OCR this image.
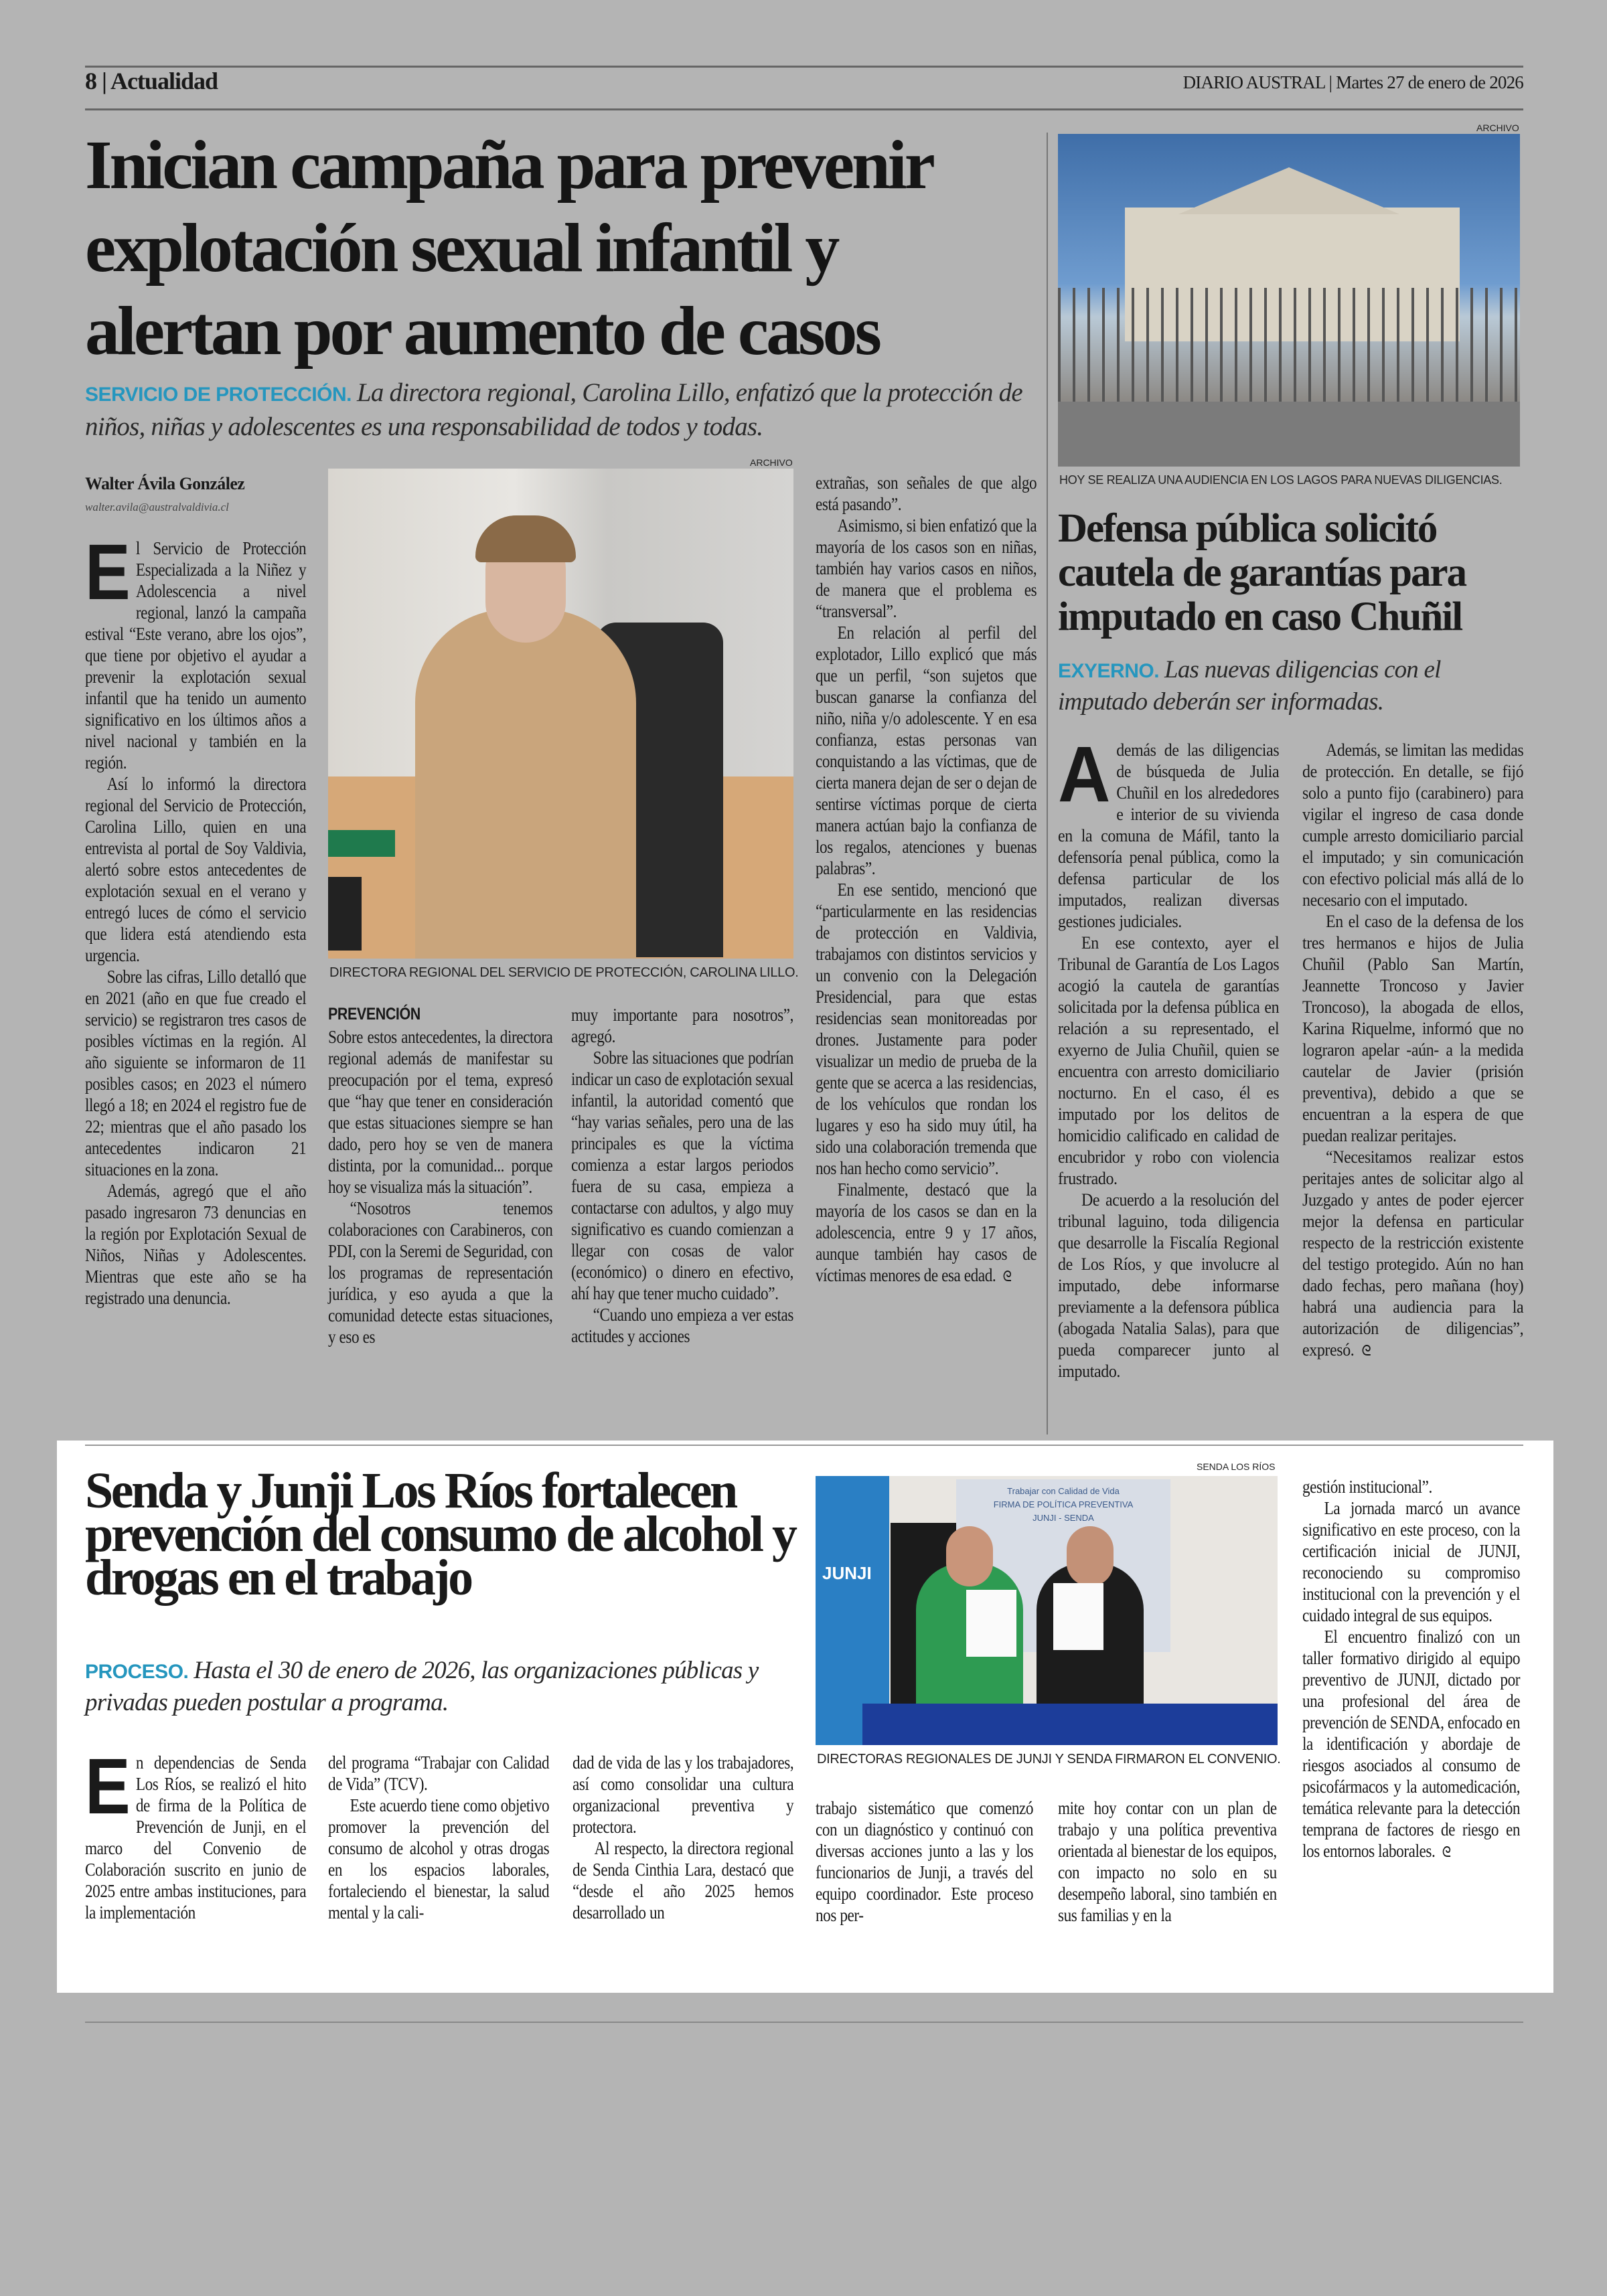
8 | Actualidad	DIARIO AUSTRAL | Martes 27 de enero de 2026
Inician campaña para prevenir explotación sexual infantil y alertan por aumento de casos
SERVICIO DE PROTECCIÓN. La directora regional, Carolina Lillo, enfatizó que la protección de niños, niñas y adolescentes es una responsabilidad de todos y todas.
Walter Ávila González
walter.avila@australvaldivia.cl
ARCHIVO
DIRECTORA REGIONAL DEL SERVICIO DE PROTECCIÓN, CAROLINA LILLO.

El Servicio de Protección Especializada a la Niñez y Adolescencia a nivel regional, lanzó la campaña estival “Este verano, abre los ojos”, que tiene por objetivo el ayudar a prevenir la explotación sexual infantil que ha tenido un aumento significativo en los últimos años a nivel nacional y también en la región.

Así lo informó la directora regional del Servicio de Protección, Carolina Lillo, quien en una entrevista al portal de Soy Valdivia, alertó sobre estos antecedentes de explotación sexual en el verano y entregó luces de cómo el servicio que lidera está atendiendo esta urgencia.

Sobre las cifras, Lillo detalló que en 2021 (año en que fue creado el servicio) se registraron tres casos de posibles víctimas en la región. Al año siguiente se informaron de 11 posibles casos; en 2023 el número llegó a 18; en 2024 el registro fue de 22; mientras que el año pasado los antecedentes indicaron 21 situaciones en la zona.

Además, agregó que el año pasado ingresaron 73 denuncias en la región por Explotación Sexual de Niños, Niñas y Adolescentes. Mientras que este año se ha registrado una denuncia.

PREVENCIÓN

Sobre estos antecedentes, la directora regional además de manifestar su preocupación por el tema, expresó que “hay que tener en consideración que estas situaciones siempre se han dado, pero hoy se ven de manera distinta, por la comunidad... porque hoy se visualiza más la situación”.

“Nosotros tenemos colaboraciones con Carabineros, con PDI, con la Seremi de Seguridad, con los programas de representación jurídica, y eso ayuda a que la comunidad detecte estas situaciones, y eso es

muy importante para nosotros”, agregó.

Sobre las situaciones que podrían indicar un caso de explotación sexual infantil, la autoridad comentó que “hay varias señales, pero una de las principales es que la víctima comienza a estar largos periodos fuera de su casa, empieza a contactarse con adultos, y algo muy significativo es cuando comienzan a llegar con cosas de valor (económico) o dinero en efectivo, ahí hay que tener mucho cuidado”.

“Cuando uno empieza a ver estas actitudes y acciones

extrañas, son señales de que algo está pasando”.

Asimismo, si bien enfatizó que la mayoría de los casos son en niñas, también hay varios casos en niños, de manera que el problema es “transversal”.

En relación al perfil del explotador, Lillo explicó que más que un perfil, “son sujetos que buscan ganarse la confianza del niño, niña y/o adolescente. Y en esa confianza, estas personas van conquistando a las víctimas, que de cierta manera dejan de ser o dejan de sentirse víctimas porque de cierta manera actúan bajo la confianza de los regalos, atenciones y buenas palabras”.

En ese sentido, mencionó que “particularmente en las residencias de protección en Valdivia, trabajamos con distintos servicios y un convenio con la Delegación Presidencial, para que estas residencias sean monitoreadas por drones. Justamente para poder visualizar un medio de prueba de la gente que se acerca a las residencias, de los vehículos que rondan los lugares y eso ha sido muy útil, ha sido una colaboración tremenda que nos han hecho como servicio”.

Finalmente, destacó que la mayoría de los casos se dan en la adolescencia, entre 9 y 17 años, aunque también hay casos de víctimas menores de esa edad. ᘓ

ARCHIVO
HOY SE REALIZA UNA AUDIENCIA EN LOS LAGOS PARA NUEVAS DILIGENCIAS.
Defensa pública solicitó cautela de garantías para imputado en caso Chuñil
EXYERNO. Las nuevas diligencias con el imputado deberán ser informadas.

Además de las diligencias de búsqueda de Julia Chuñil en los alrededores e interior de su vivienda en la comuna de Máfil, tanto la defensoría penal pública, como la defensa particular de los imputados, realizan diversas gestiones judiciales.

En ese contexto, ayer el Tribunal de Garantía de Los Lagos acogió la cautela de garantías solicitada por la defensa pública en relación a su representado, el exyerno de Julia Chuñil, quien se encuentra con arresto domiciliario nocturno. En el caso, él es imputado por los delitos de homicidio calificado en calidad de encubridor y robo con violencia frustrado.

De acuerdo a la resolución del tribunal laguino, toda diligencia que desarrolle la Fiscalía Regional de Los Ríos, y que involucre al imputado, debe informarse previamente a la defensora pública (abogada Natalia Salas), para que pueda comparecer junto al imputado.

Además, se limitan las medidas de protección. En detalle, se fijó solo a punto fijo (carabinero) para vigilar el ingreso de casa donde cumple arresto domiciliario parcial el imputado; y sin comunicación con efectivo policial más allá de lo necesario con el imputado.

En el caso de la defensa de los tres hermanos e hijos de Julia Chuñil (Pablo San Martín, Jeannette Troncoso y Javier Troncoso), la abogada de ellos, Karina Riquelme, informó que no lograron apelar -aún- a la medida cautelar de Javier (prisión preventiva), debido a que se encuentran a la espera de que puedan realizar peritajes.

“Necesitamos realizar estos peritajes antes de solicitar algo al Juzgado y antes de poder ejercer mejor la defensa en particular respecto de la restricción existente del testigo protegido. Aún no han dado fechas, pero mañana (hoy) habrá una audiencia para la autorización de diligencias”, expresó. ᘓ

Senda y Junji Los Ríos fortalecen prevención del consumo de alcohol y drogas en el trabajo
PROCESO. Hasta el 30 de enero de 2026, las organizaciones públicas y privadas pueden postular a programa.
SENDA LOS RÍOS
JUNJI
Trabajar con Calidad de Vida
FIRMA DE POLÍTICA PREVENTIVA
JUNJI - SENDA
DIRECTORAS REGIONALES DE JUNJI Y SENDA FIRMARON EL CONVENIO.

En dependencias de Senda Los Ríos, se realizó el hito de firma de la Política de Prevención de Junji, en el marco del Convenio de Colaboración suscrito en junio de 2025 entre ambas instituciones, para la implementación

del programa “Trabajar con Calidad de Vida” (TCV).

Este acuerdo tiene como objetivo promover la prevención del consumo de alcohol y otras drogas en los espacios laborales, fortaleciendo el bienestar, la salud mental y la cali-

dad de vida de las y los trabajadores, así como consolidar una cultura organizacional preventiva y protectora.

Al respecto, la directora regional de Senda Cinthia Lara, destacó que “desde el año 2025 hemos desarrollado un

trabajo sistemático que comenzó con un diagnóstico y continuó con diversas acciones junto a las y los funcionarios de Junji, a través del equipo coordinador. Este proceso nos per-

mite hoy contar con un plan de trabajo y una política preventiva orientada al bienestar de los equipos, con impacto no solo en su desempeño laboral, sino también en sus familias y en la

gestión institucional”.

La jornada marcó un avance significativo en este proceso, con la certificación inicial de JUNJI, reconociendo su compromiso institucional con la prevención y el cuidado integral de sus equipos.

El encuentro finalizó con un taller formativo dirigido al equipo preventivo de JUNJI, dictado por una profesional del área de prevención de SENDA, enfocado en la identificación y abordaje de riesgos asociados al consumo de psicofármacos y la automedicación, temática relevante para la detección temprana de factores de riesgo en los entornos laborales. ᘓ
